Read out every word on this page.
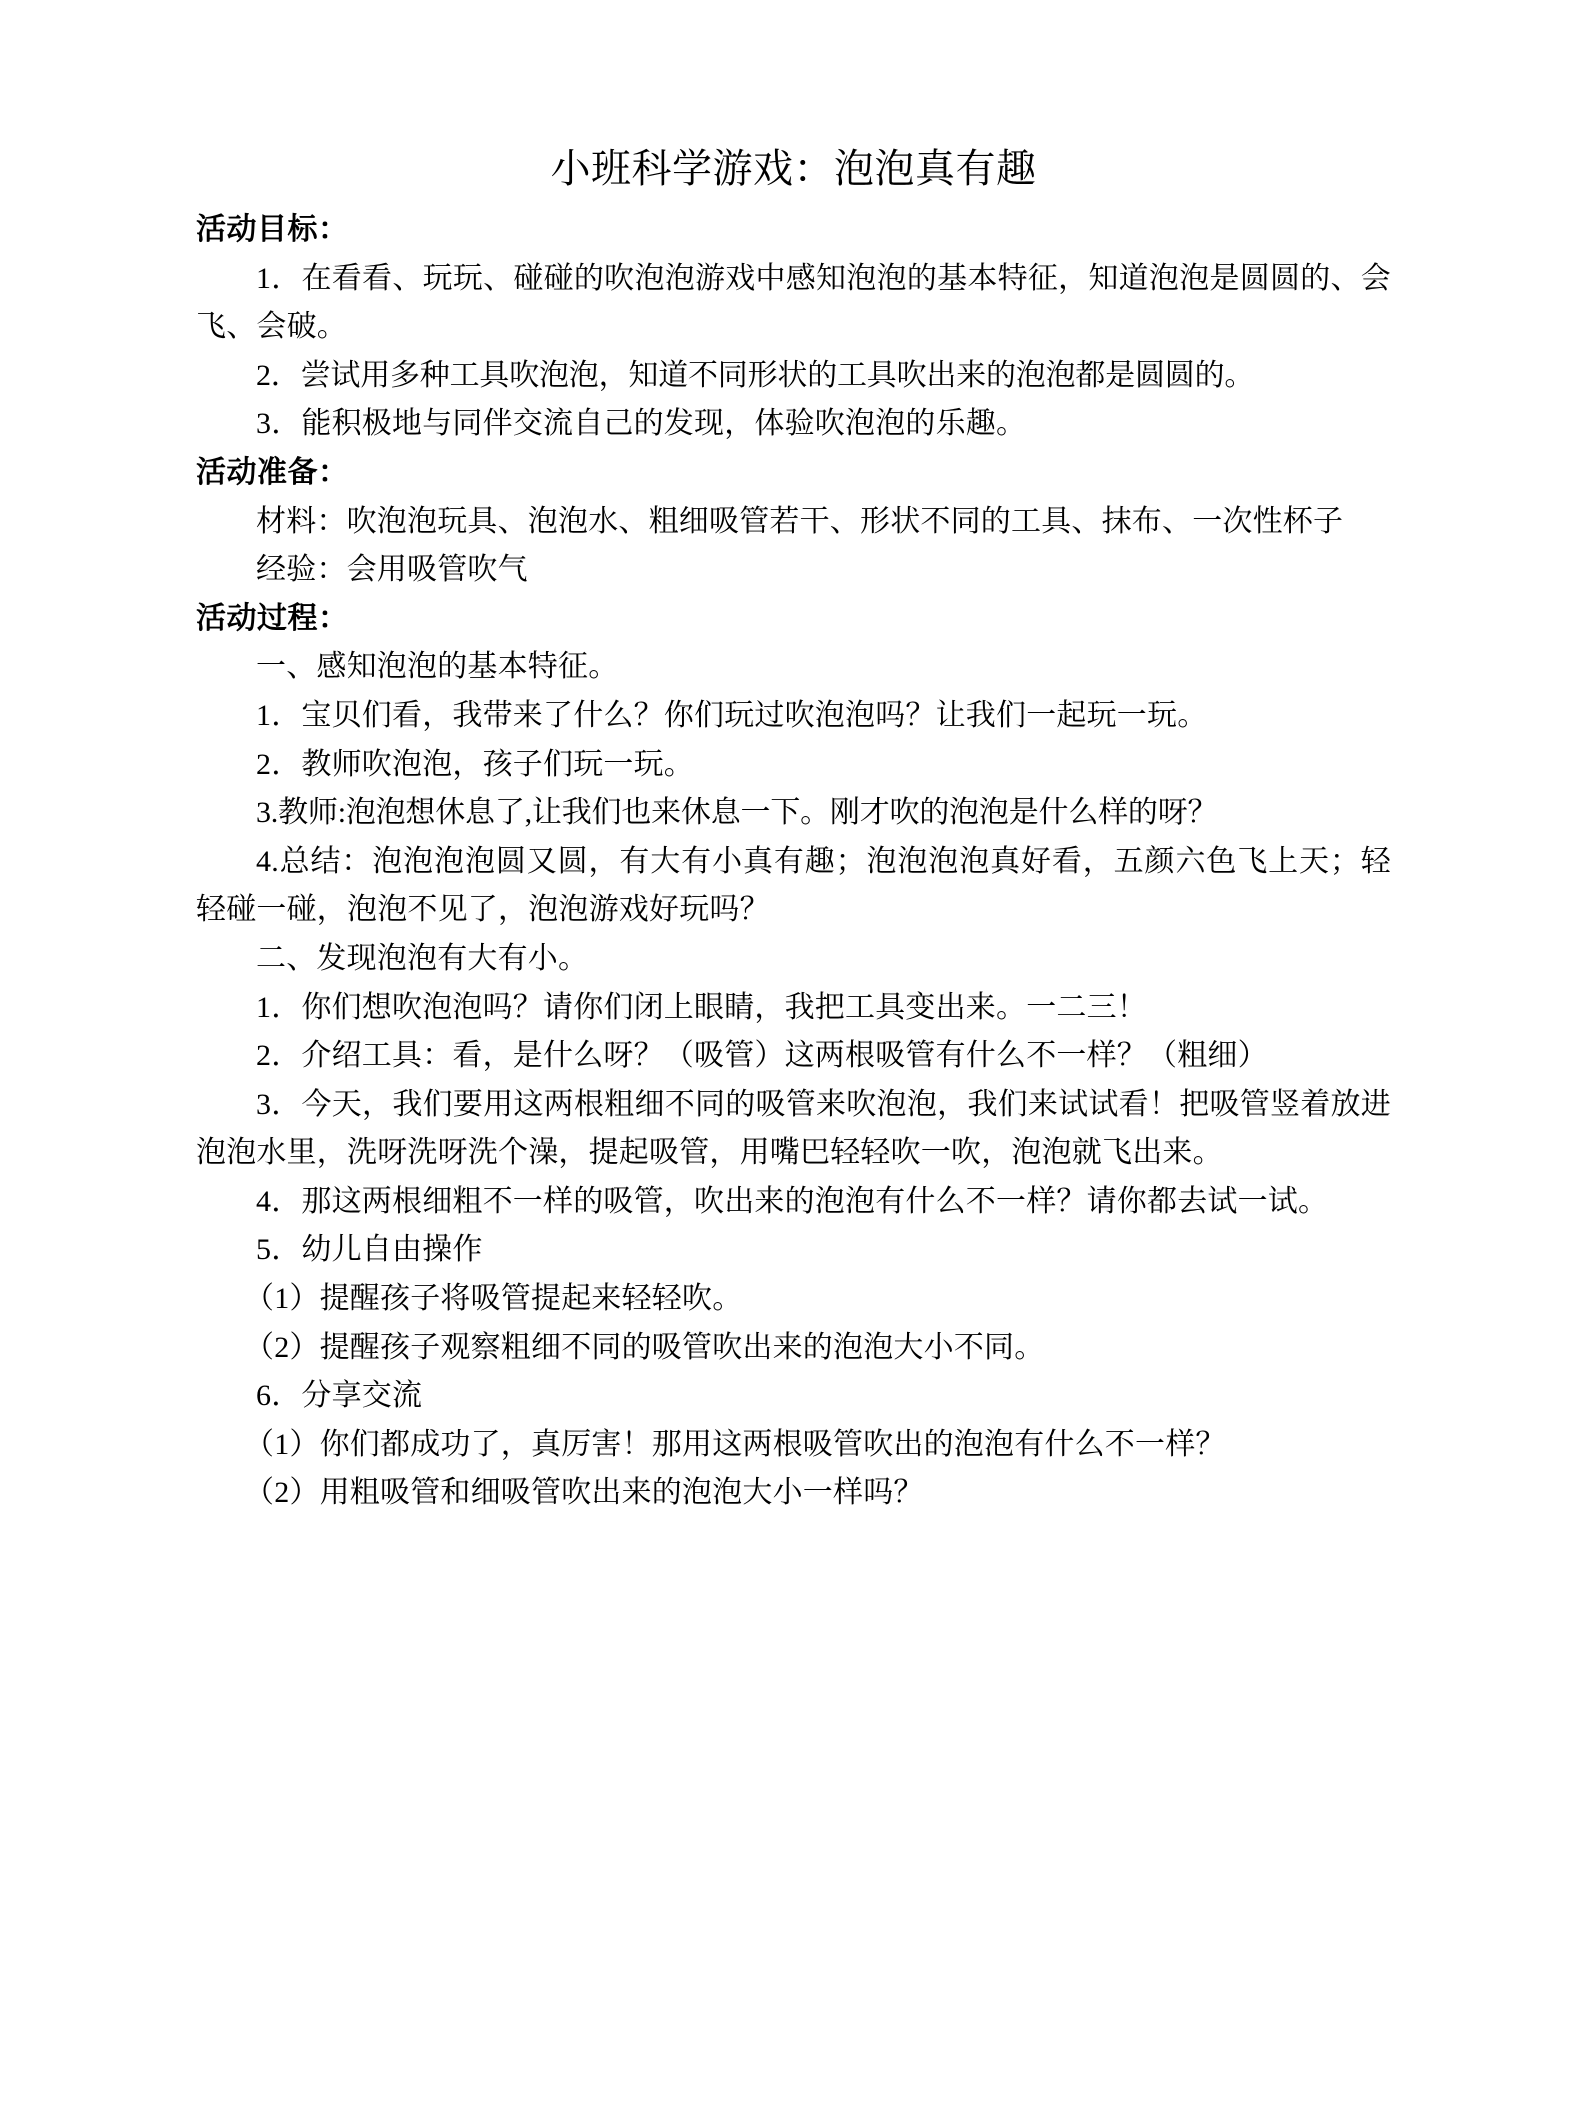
小班科学游戏：泡泡真有趣

活动目标：

1．在看看、玩玩、碰碰的吹泡泡游戏中感知泡泡的基本特征，知道泡泡是圆圆的、会飞、会破。

2．尝试用多种工具吹泡泡，知道不同形状的工具吹出来的泡泡都是圆圆的。

3．能积极地与同伴交流自己的发现，体验吹泡泡的乐趣。

活动准备：

材料：吹泡泡玩具、泡泡水、粗细吸管若干、形状不同的工具、抹布、一次性杯子

经验：会用吸管吹气

活动过程：

一、感知泡泡的基本特征。

1．宝贝们看，我带来了什么？你们玩过吹泡泡吗？让我们一起玩一玩。

2．教师吹泡泡，孩子们玩一玩。

3.教师:泡泡想休息了,让我们也来休息一下。刚才吹的泡泡是什么样的呀？

4.总结：泡泡泡泡圆又圆，有大有小真有趣；泡泡泡泡真好看，五颜六色飞上天；轻轻碰一碰，泡泡不见了，泡泡游戏好玩吗？

二、发现泡泡有大有小。

1．你们想吹泡泡吗？请你们闭上眼睛，我把工具变出来。一二三！

2．介绍工具：看，是什么呀？（吸管）这两根吸管有什么不一样？（粗细）

3．今天，我们要用这两根粗细不同的吸管来吹泡泡，我们来试试看！把吸管竖着放进泡泡水里，洗呀洗呀洗个澡，提起吸管，用嘴巴轻轻吹一吹，泡泡就飞出来。

4．那这两根细粗不一样的吸管，吹出来的泡泡有什么不一样？请你都去试一试。

5．幼儿自由操作

（1）提醒孩子将吸管提起来轻轻吹。

（2）提醒孩子观察粗细不同的吸管吹出来的泡泡大小不同。

6．分享交流

（1）你们都成功了，真厉害！那用这两根吸管吹出的泡泡有什么不一样？

（2）用粗吸管和细吸管吹出来的泡泡大小一样吗？
